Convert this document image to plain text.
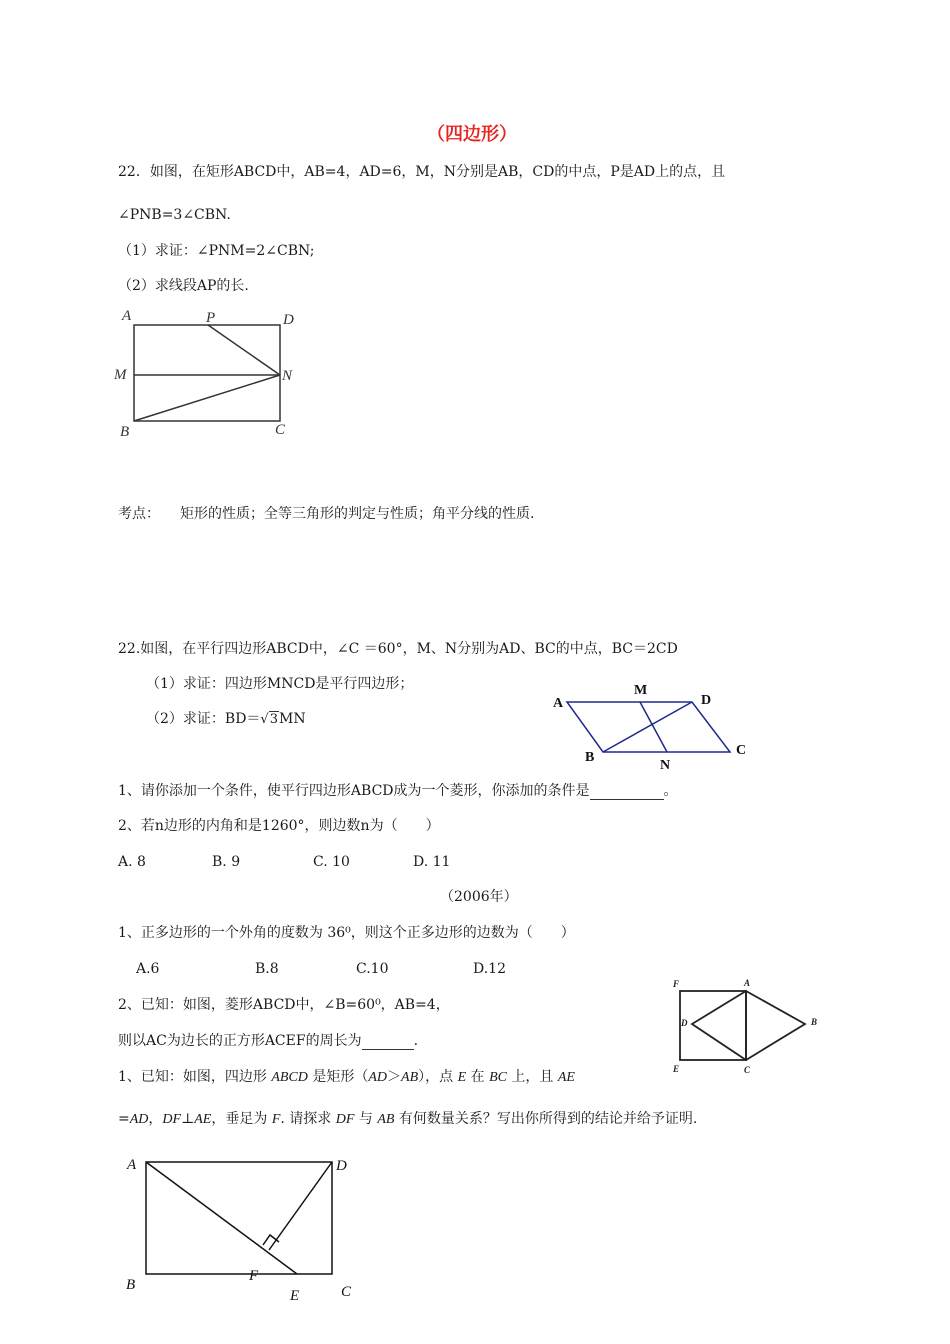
（四边形）
22．如图，在矩形ABCD中，AB=4，AD=6，M，N分别是AB，CD的中点，P是AD上的点，且
∠PNB=3∠CBN.
（1）求证：∠PNM=2∠CBN;
（2）求线段AP的长.
A	P	D
M	N
B	C
考点： 矩形的性质；全等三角形的判定与性质；角平分线的性质.
22.如图，在平行四边形ABCD中，∠C ＝60°，M、N分别为AD、BC的中点，BC＝2CD
（1）求证：四边形MNCD是平行四边形；
（2）求证：BD＝√3MN
A
M
D
B
N
C
1、请你添加一个条件，使平行四边形ABCD成为一个菱形，你添加的条件是	。
2、若n边形的内角和是1260°，则边数n为（　　）
A. 8	B. 9	C. 10	D. 11
（2006年）
1、正多边形的一个外角的度数为 36⁰，则这个正多边形的边数为（　　）
A.6	B.8	C.10	D.12
2、已知：如图，菱形ABCD中，∠B=60⁰，AB=4，
则以AC为边长的正方形ACEF的周长为	.
F	A
D	B
E	C
1、已知：如图，四边形 ABCD 是矩形（AD＞AB），点 E 在 BC 上，且 AE
=AD，DF⊥AE，垂足为 F. 请探求 DF 与 AB 有何数量关系？写出你所得到的结论并给予证明.
A	D
F
B
E	C
